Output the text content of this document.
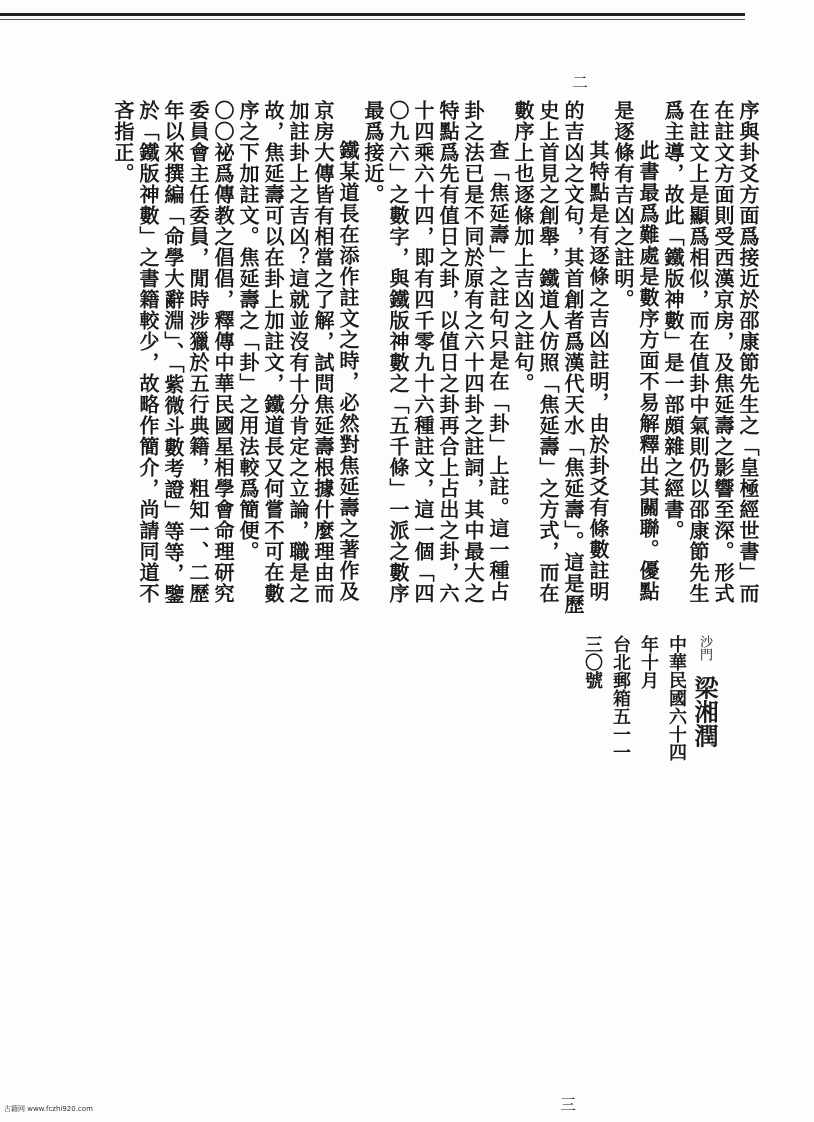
二

序與卦爻方面爲接近於邵康節先生之「皇極經世書」而在註文方面則受西漢京房，及焦延壽之影響至深。形式在註文上是顯爲相似，而在值卦中氣則仍以邵康節先生爲主導，故此「鐵版神數」是一部頗雜之經書。

此書最爲難處是數序方面不易解釋出其關聯。優點是逐條有吉凶之註明。

其特點是有逐條之吉凶註明，由於卦爻有條數註明的吉凶之文句，其首創者爲漢代天水「焦延壽」。這是歷史上首見之創舉，鐵道人仿照「焦延壽」之方式，而在數序上也逐條加上吉凶之註句。

查「焦延壽」之註句只是在「卦」上註。這一種占卦之法已是不同於原有之六十四卦之註詞，其中最大之特點爲先有值日之卦，以值日之卦再合上占出之卦，六十四乘六十四，即有四千零九十六種註文，這一個「四〇九六」之數字，與鐵版神數之「五千條」一派之數序最爲接近。

鐵某道長在添作註文之時，必然對焦延壽之著作及京房大傳皆有相當之了解，試問焦延壽根據什麼理由而加註卦上之吉凶？這就並沒有十分肯定之立論，職是之故，焦延壽可以在卦上加註文，鐵道長又何嘗不可在數序之下加註文。焦延壽之「卦」之用法較爲簡便。

〇〇祕爲傳教之倡倡，釋傳中華民國星相學會命理研究委員會主任委員，閒時涉獵於五行典籍，粗知一、二歷年以來撰編「命學大辭淵」、「紫微斗數考證」等等，鑒於「鐵版神數」之書籍較少，故略作簡介，尚請同道不吝指正。

沙門 梁湘潤
中華民國六十四年十月
台北郵箱五一一三〇號
三
古籍网 www.fczhi920.com
